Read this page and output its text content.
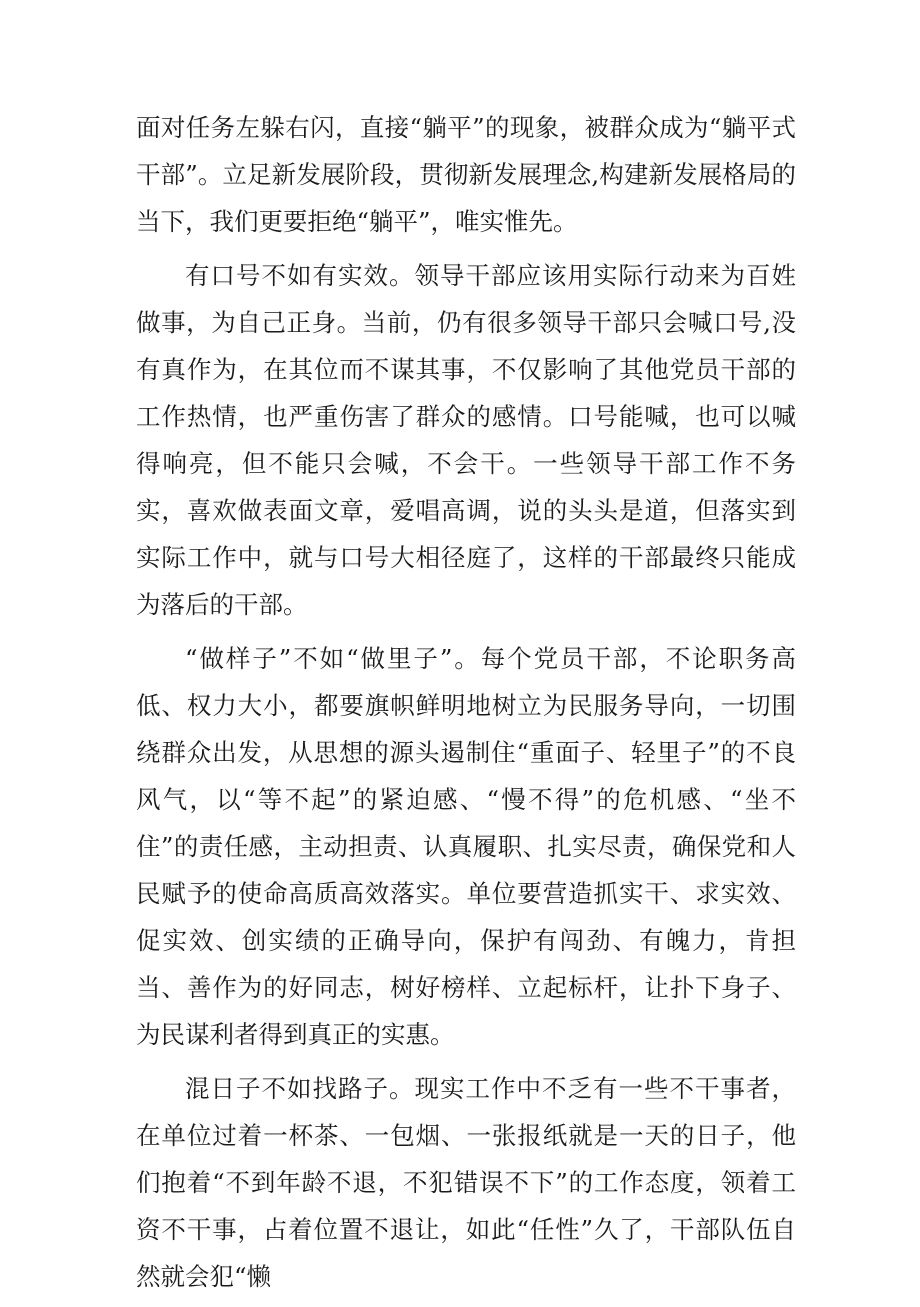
面对任务左躲右闪，直接“躺平”的现象，被群众成为“躺平式干部”。立足新发展阶段，贯彻新发展理念,构建新发展格局的当下，我们更要拒绝“躺平”，唯实惟先。

有口号不如有实效。领导干部应该用实际行动来为百姓做事，为自己正身。当前，仍有很多领导干部只会喊口号,没有真作为，在其位而不谋其事，不仅影响了其他党员干部的工作热情，也严重伤害了群众的感情。口号能喊，也可以喊得响亮，但不能只会喊，不会干。一些领导干部工作不务实，喜欢做表面文章，爱唱高调，说的头头是道，但落实到实际工作中，就与口号大相径庭了，这样的干部最终只能成为落后的干部。

“做样子”不如“做里子”。每个党员干部，不论职务高低、权力大小，都要旗帜鲜明地树立为民服务导向，一切围绕群众出发，从思想的源头遏制住“重面子、轻里子”的不良风气，以“等不起”的紧迫感、“慢不得”的危机感、“坐不住”的责任感，主动担责、认真履职、扎实尽责，确保党和人民赋予的使命高质高效落实。单位要营造抓实干、求实效、促实效、创实绩的正确导向，保护有闯劲、有魄力，肯担当、善作为的好同志，树好榜样、立起标杆，让扑下身子、为民谋利者得到真正的实惠。

混日子不如找路子。现实工作中不乏有一些不干事者，在单位过着一杯茶、一包烟、一张报纸就是一天的日子，他们抱着“不到年龄不退，不犯错误不下”的工作态度，领着工资不干事，占着位置不退让，如此“任性”久了，干部队伍自然就会犯“懒
